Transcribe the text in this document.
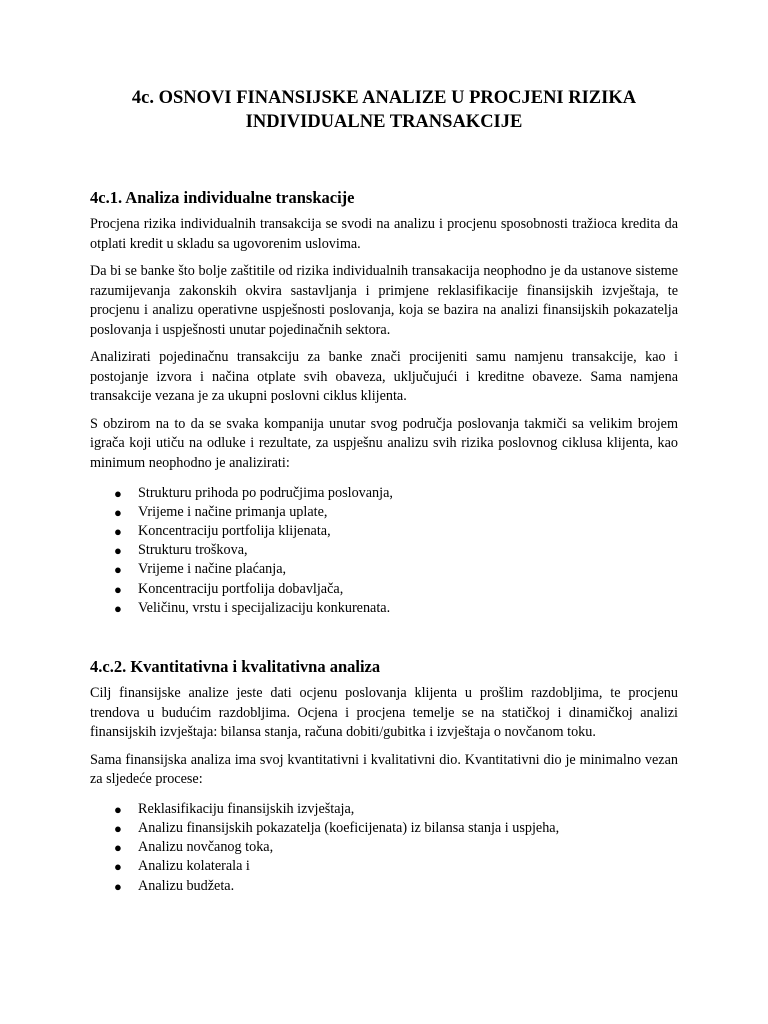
4c. OSNOVI FINANSIJSKE ANALIZE U PROCJENI RIZIKA
INDIVIDUALNE TRANSAKCIJE
4c.1. Analiza individualne transkacije

Procjena rizika individualnih transakcija se svodi na analizu i procjenu sposobnosti tražioca kredita da otplati kredit u skladu sa ugovorenim uslovima.

Da bi se banke što bolje zaštitile od rizika individualnih transakacija neophodno je da ustanove sisteme razumijevanja zakonskih okvira sastavljanja i primjene reklasifikacije finansijskih izvještaja, te procjenu i analizu operativne uspješnosti poslovanja, koja se bazira na analizi finansijskih pokazatelja poslovanja i uspješnosti unutar pojedinačnih sektora.

Analizirati pojedinačnu transakciju za banke znači procijeniti samu namjenu transakcije, kao i postojanje izvora i načina otplate svih obaveza, uključujući i kreditne obaveze. Sama namjena transakcije vezana je za ukupni poslovni ciklus klijenta.

S obzirom na to da se svaka kompanija unutar svog područja poslovanja takmiči sa velikim brojem igrača koji utiču na odluke i rezultate, za uspješnu analizu svih rizika poslovnog ciklusa klijenta, kao minimum neophodno je analizirati:

●	Strukturu prihoda po područjima poslovanja,
●	Vrijeme i načine primanja uplate,
●	Koncentraciju portfolija klijenata,
●	Strukturu troškova,
●	Vrijeme i načine plaćanja,
●	Koncentraciju portfolija dobavljača,
●	Veličinu, vrstu i specijalizaciju konkurenata.
4.c.2. Kvantitativna i kvalitativna analiza

Cilj finansijske analize jeste dati ocjenu poslovanja klijenta u prošlim razdobljima, te procjenu trendova u budućim razdobljima. Ocjena i procjena temelje se na statičkoj i dinamičkoj analizi finansijskih izvještaja: bilansa stanja, računa dobiti/gubitka i izvještaja o novčanom toku.

Sama finansijska analiza ima svoj kvantitativni i kvalitativni dio. Kvantitativni dio je minimalno vezan za sljedeće procese:

●	Reklasifikaciju finansijskih izvještaja,
●	Analizu finansijskih pokazatelja (koeficijenata) iz bilansa stanja i uspjeha,
●	Analizu novčanog toka,
●	Analizu kolaterala i
●	Analizu budžeta.
